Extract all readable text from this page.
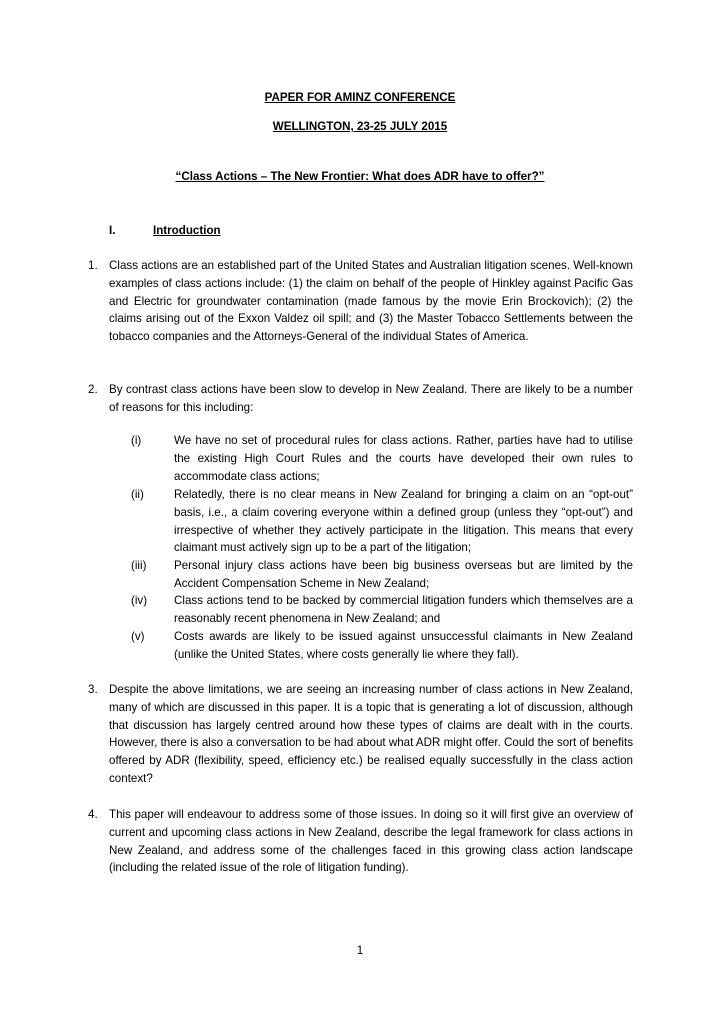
PAPER FOR AMINZ CONFERENCE
WELLINGTON, 23-25 JULY 2015
“Class Actions – The New Frontier: What does ADR have to offer?”
I.	Introduction
1. Class actions are an established part of the United States and Australian litigation scenes. Well-known examples of class actions include: (1) the claim on behalf of the people of Hinkley against Pacific Gas and Electric for groundwater contamination (made famous by the movie Erin Brockovich); (2) the claims arising out of the Exxon Valdez oil spill; and (3) the Master Tobacco Settlements between the tobacco companies and the Attorneys-General of the individual States of America.
2. By contrast class actions have been slow to develop in New Zealand. There are likely to be a number of reasons for this including:
(i)	We have no set of procedural rules for class actions. Rather, parties have had to utilise the existing High Court Rules and the courts have developed their own rules to accommodate class actions;
(ii)	Relatedly, there is no clear means in New Zealand for bringing a claim on an “opt-out” basis, i.e., a claim covering everyone within a defined group (unless they “opt-out”) and irrespective of whether they actively participate in the litigation. This means that every claimant must actively sign up to be a part of the litigation;
(iii) Personal injury class actions have been big business overseas but are limited by the Accident Compensation Scheme in New Zealand;
(iv) Class actions tend to be backed by commercial litigation funders which themselves are a reasonably recent phenomena in New Zealand; and
(v)	Costs awards are likely to be issued against unsuccessful claimants in New Zealand (unlike the United States, where costs generally lie where they fall).
3. Despite the above limitations, we are seeing an increasing number of class actions in New Zealand, many of which are discussed in this paper. It is a topic that is generating a lot of discussion, although that discussion has largely centred around how these types of claims are dealt with in the courts. However, there is also a conversation to be had about what ADR might offer. Could the sort of benefits offered by ADR (flexibility, speed, efficiency etc.) be realised equally successfully in the class action context?
4. This paper will endeavour to address some of those issues. In doing so it will first give an overview of current and upcoming class actions in New Zealand, describe the legal framework for class actions in New Zealand, and address some of the challenges faced in this growing class action landscape (including the related issue of the role of litigation funding).
1
